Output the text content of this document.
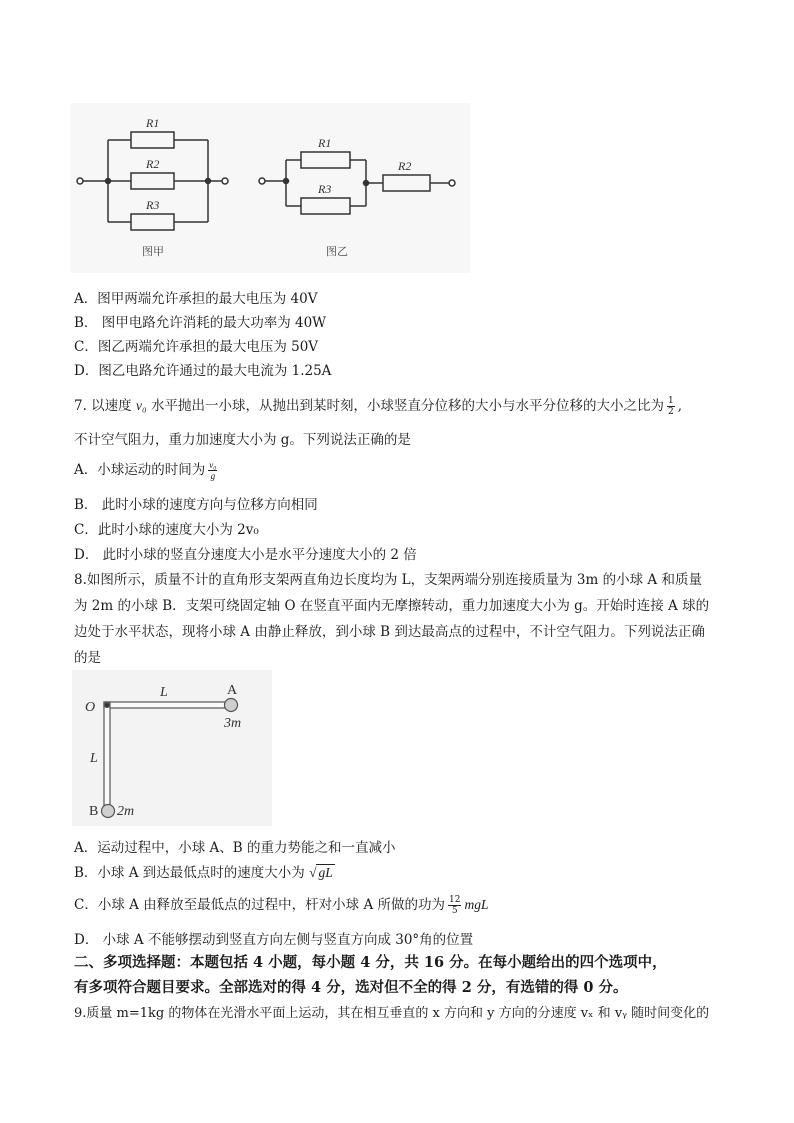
R1
R2
R3
R1
R3
R2
图甲	图乙
A．图甲两端允许承担的最大电压为 40V
B． 图甲电路允许消耗的最大功率为 40W
C．图乙两端允许承担的最大电压为 50V
D．图乙电路允许通过的最大电流为 1.25A
7. 以速度 v₀ 水平抛出一小球，从抛出到某时刻，小球竖直分位移的大小与水平分位移的大小之比为 $\frac{1}{2}$ ,
不计空气阻力，重力加速度大小为 g。下列说法正确的是
A．小球运动的时间为 $\frac{\text{v₀}}{g}$
B． 此时小球的速度方向与位移方向相同
C．此时小球的速度大小为 2v₀
D． 此时小球的竖直分速度大小是水平分速度大小的 2 倍
8.如图所示，质量不计的直角形支架两直角边长度均为 L，支架两端分别连接质量为 3m 的小球 A 和质量
为 2m 的小球 B．支架可绕固定轴 O 在竖直平面内无摩擦转动，重力加速度大小为 g。开始时连接 A 球的
边处于水平状态，现将小球 A 由静止释放，到小球 B 到达最高点的过程中，不计空气阻力。下列说法正确
的是
O
L
L
3m
2m
A
B
A．运动过程中，小球 A、B 的重力势能之和一直减小
B．小球 A 到达最低点时的速度大小为 √ gL
C．小球 A 由释放至最低点的过程中，杆对小球 A 所做的功为 $\frac{12}{5}$ mgL
D． 小球 A 不能够摆动到竖直方向左侧与竖直方向成 30°角的位置
二、多项选择题：本题包括 4 小题，每小题 4 分，共 16 分。在每小题给出的四个选项中，
有多项符合题目要求。全部选对的得 4 分，选对但不全的得 2 分，有选错的得 0 分。
9.质量 m=1kg 的物体在光滑水平面上运动，其在相互垂直的 x 方向和 y 方向的分速度 vₓ 和 vᵧ 随时间变化的
